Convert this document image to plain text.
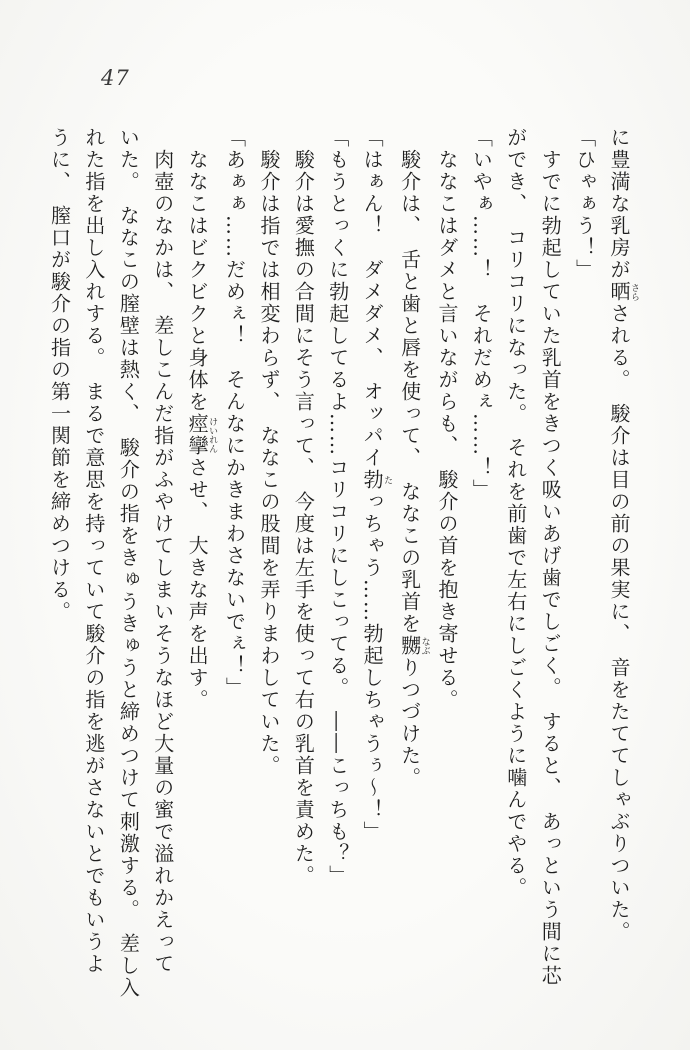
47

に豊満な乳房が晒さらされる。　駿介は目の前の果実に、　音をたててしゃぶりついた。

「ひゃぁう！」

すでに勃起していた乳首をきつく吸いあげ歯でしごく。　すると、　あっという間に芯

ができ、　コリコリになった。　それを前歯で左右にしごくように噛んでやる。

「いやぁ……！　それだめぇ……！」

ななこはダメと言いながらも、　駿介の首を抱き寄せる。

駿介は、　舌と歯と唇を使って、　ななこの乳首を嬲なぶりつづけた。

「はぁん！　ダメダメ、　オッパイ勃たっちゃう……勃起しちゃうぅ～！」

「もうとっくに勃起してるよ……コリコリにしこってる。　――こっちも？」

駿介は愛撫の合間にそう言って、　今度は左手を使って右の乳首を責めた。

駿介は指では相変わらず、　ななこの股間を弄りまわしていた。

「あぁぁ……だめぇ！　そんなにかきまわさないでぇ！」

ななこはビクビクと身体を痙攣けいれんさせ、　大きな声を出す。

肉壺のなかは、　差しこんだ指がふやけてしまいそうなほど大量の蜜で溢れかえって

いた。　ななこの膣壁は熱く、　駿介の指をきゅうきゅうと締めつけて刺激する。　差し入

れた指を出し入れする。　まるで意思を持っていて駿介の指を逃がさないとでもいうよ

うに、　膣口が駿介の指の第一関節を締めつける。
